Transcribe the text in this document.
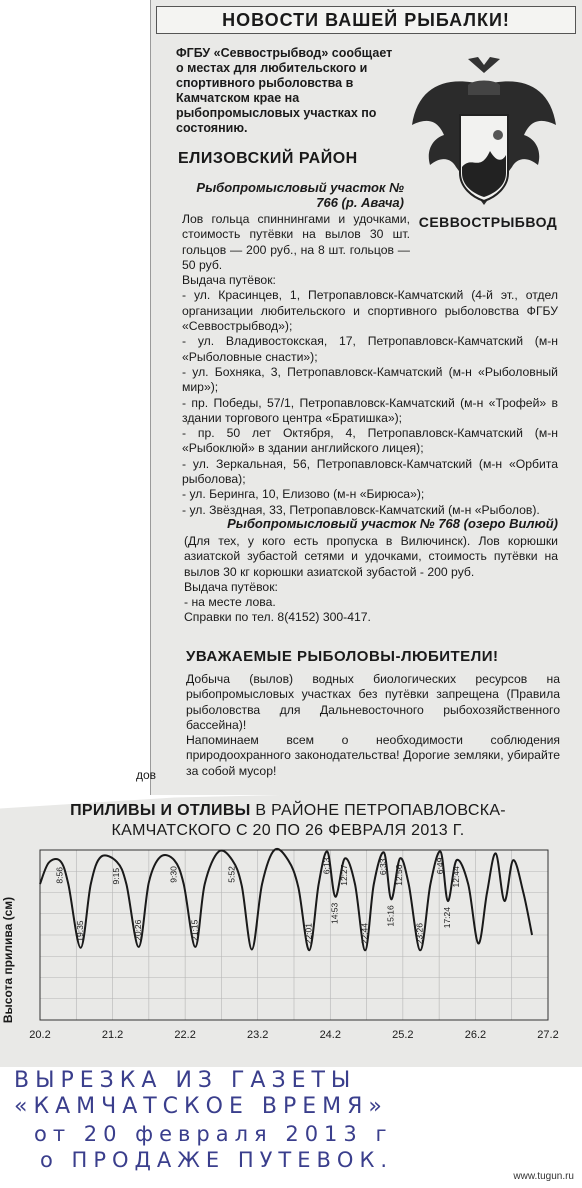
НОВОСТИ ВАШЕЙ РЫБАЛКИ!
ФГБУ «Севвострыбвод» сообщает о местах для любительского и спортивного рыболовства в Камчатском крае на рыбопромысловых участках по состоянию.
СЕВВОСТРЫБВОД
ЕЛИЗОВСКИЙ РАЙОН
Рыбопромысловый участок № 766 (р. Авача)

Лов гольца спиннингами и удочками, стоимость путёвки на вылов 30 шт. гольцов — 200 руб., на 8 шт. гольцов — 50 руб.

Выдача путёвок:

- ул. Красинцев, 1, Петропавловск-Камчатский (4-й эт., отдел организации любительского и спортивного рыболовства ФГБУ «Севвострыбвод»);

- ул. Владивостокская, 17, Петропавловск-Камчатский (м-н «Рыболовные снасти»);

- ул. Бохняка, 3, Петропавловск-Камчатский (м-н «Рыболовный мир»);

- пр. Победы, 57/1, Петропавловск-Камчатский (м-н «Трофей» в здании торгового центра «Братишка»);

- пр. 50 лет Октября, 4, Петропавловск-Камчатский (м-н «Рыбоклюй» в здании английского лицея);

- ул. Зеркальная, 56, Петропавловск-Камчатский (м-н «Орбита рыболова);

- ул. Беринга, 10, Елизово (м-н «Бирюса»);

- ул. Звёздная, 33, Петропавловск-Камчатский (м-н «Рыболов).

Рыбопромысловый участок № 768 (озеро Вилюй)

(Для тех, у кого есть пропуска в Вилючинск). Лов корюшки азиатской зубастой сетями и удочками, стоимость путёвки на вылов 30 кг корюшки азиатской зубастой - 200 руб.

Выдача путёвок:

- на месте лова.

Справки по тел. 8(4152) 300-417.

УВАЖАЕМЫЕ РЫБОЛОВЫ-ЛЮБИТЕЛИ!

Добыча (вылов) водных биологических ресурсов на рыбопромысловых участках без путёвки запрещена (Правила рыболовства для Дальневосточного рыбохозяйственного бассейна)!

Напоминаем всем о необходимости соблюдения природоохранного законодательства! Дорогие земляки, убирайте за собой мусор!

дов
ПРИЛИВЫ И ОТЛИВЫ В РАЙОНЕ ПЕТРОПАВЛОВСКА-КАМЧАТСКОГО С 20 ПО 26 ФЕВРАЛЯ 2013 Г.
8:56
19:35
9:15
20:26
9:30
21:15
5:52
22:01
6:13
14:53
12:27
22:44
6:33
15:16
12:56
23:26
6:49
17:24
12:44
20.2	21.2	22.2	23.2	24.2	25.2	26.2	27.2
Высота прилива (см)
ВЫРЕЗКА ИЗ ГАЗЕТЫ
«КАМЧАТСКОЕ ВРЕМЯ»
от 20 февраля 2013 г
о ПРОДАЖЕ ПУТЕВОК.
www.tugun.ru
